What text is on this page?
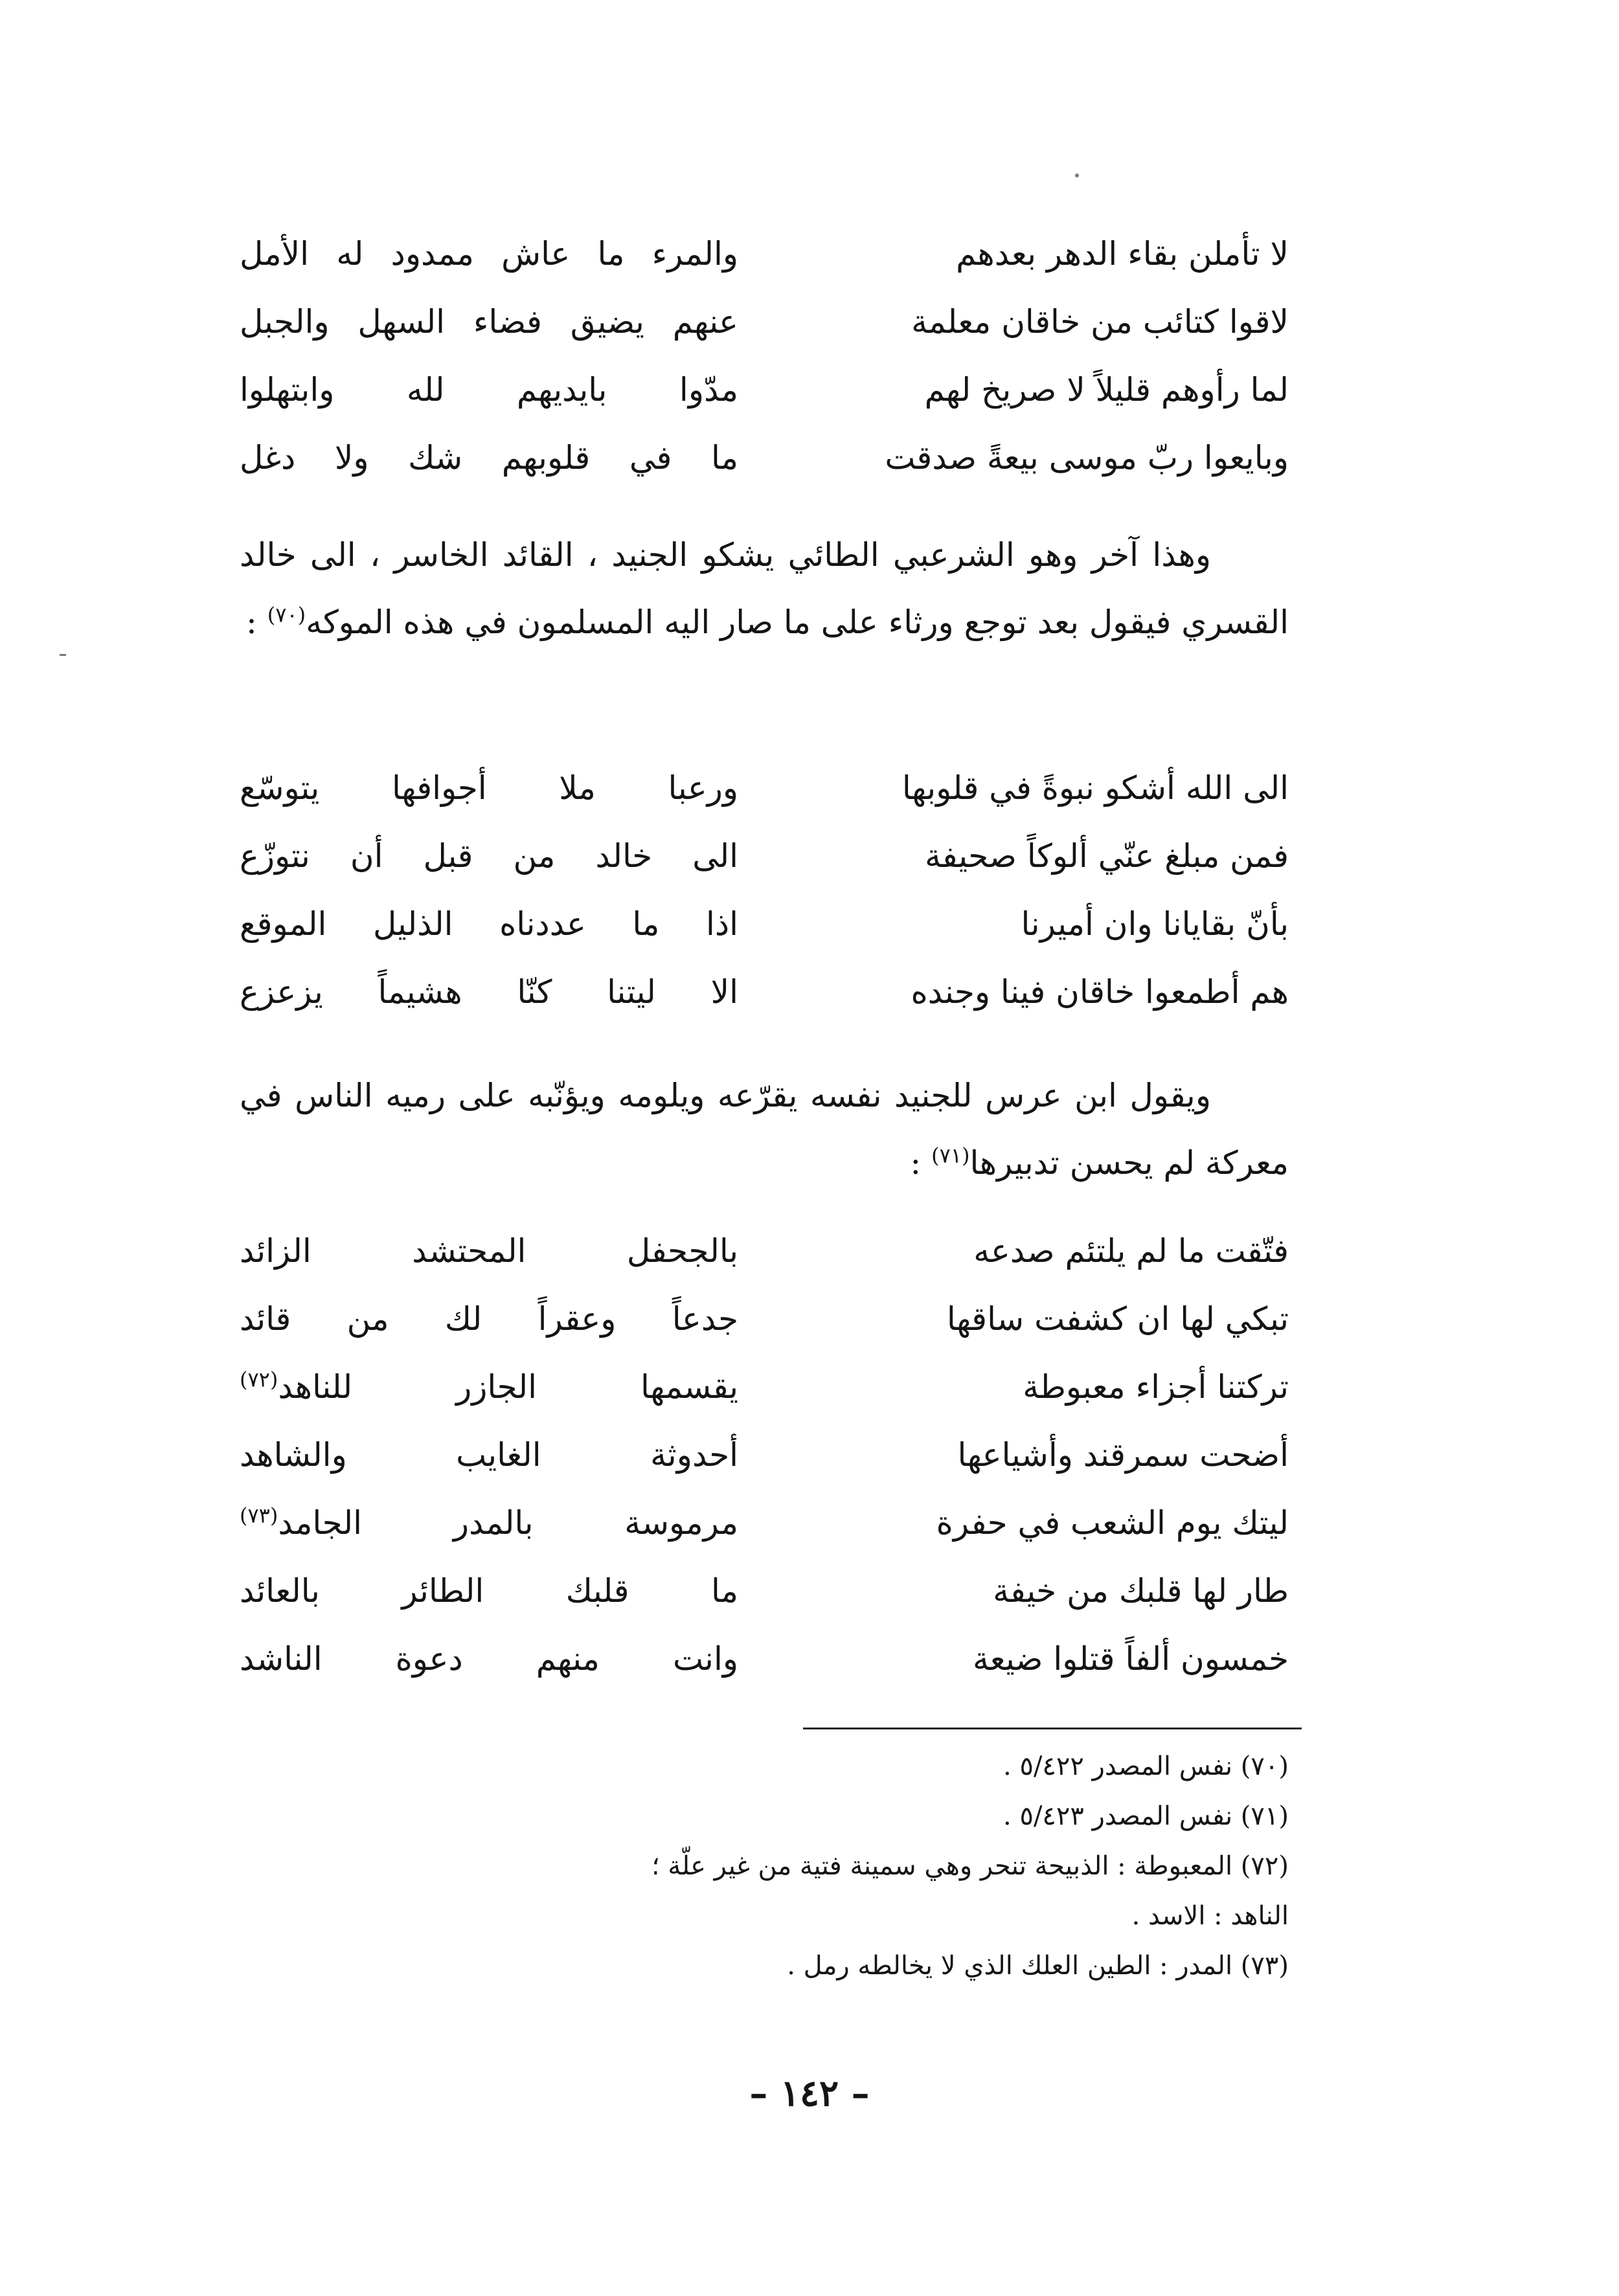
لا تأملن بقاء الدهر بعدهم
والمرء ما عاش ممدود له الأمل
لاقوا كتائب من خاقان معلمة
عنهم يضيق فضاء السهل والجبل
لما رأوهم قليلاً لا صريخ لهم
مدّوا بايديهم لله وابتهلوا
وبايعوا ربّ موسى بيعةً صدقت
ما في قلوبهم شك ولا دغل
وهذا آخر وهو الشرعبي الطائي يشكو الجنيد ، القائد الخاسر ، الى خالد القسري فيقول بعد توجع ورثاء على ما صار اليه المسلمون في هذه الموكه$^{(٧٠)}$ :
الى الله أشكو نبوةً في قلوبها
ورعبا ملا أجوافها يتوسّع
فمن مبلغ عنّي ألوكاً صحيفة
الى خالد من قبل أن نتوزّع
بأنّ بقايانا وان أميرنا
اذا ما عددناه الذليل الموقع
هم أطمعوا خاقان فينا وجنده
الا ليتنا كنّا هشيماً يزعزع
ويقول ابن عرس للجنيد نفسه يقرّعه ويلومه ويؤنّبه على رميه الناس في معركة لم يحسن تدبيرها$^{(٧١)}$ :
فتّقت ما لم يلتئم صدعه
بالجحفل المحتشد الزائد
تبكي لها ان كشفت ساقها
جدعاً وعقراً لك من قائد
تركتنا أجزاء معبوطة
يقسمها الجازر للناهد$^{(٧٢)}$
أضحت سمرقند وأشياعها
أحدوثة الغايب والشاهد
ليتك يوم الشعب في حفرة
مرموسة بالمدر الجامد$^{(٧٣)}$
طار لها قلبك من خيفة
ما قلبك الطائر بالعائد
خمسون ألفاً قتلوا ضيعة
وانت منهم دعوة الناشد
(٧٠) نفس المصدر ٥/٤٢٢ .
(٧١) نفس المصدر ٥/٤٢٣ .
(٧٢) المعبوطة : الذبيحة تنحر وهي سمينة فتية من غير علّة ؛
الناهد : الاسد .
(٧٣) المدر : الطين العلك الذي لا يخالطه رمل .
– ١٤٢ –
